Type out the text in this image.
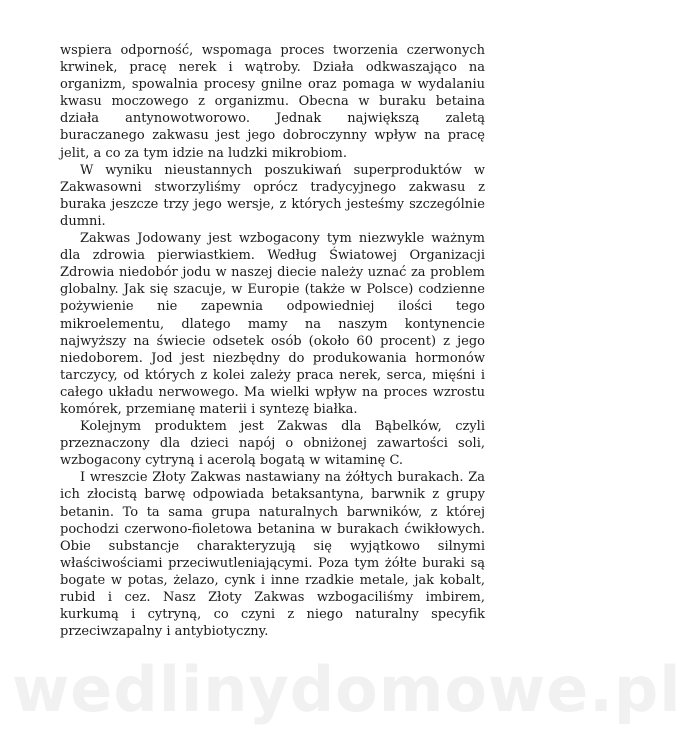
wspiera odporność, wspomaga proces tworzenia czerwonych krwinek, pracę nerek i wątroby. Działa odkwaszająco na organizm, spowalnia procesy gnilne oraz pomaga w wydalaniu kwasu moczowego z organizmu. Obecna w buraku betaina działa antynowotworowo. Jednak największą zaletą buraczanego zakwasu jest jego dobroczynny wpływ na pracę jelit, a co za tym idzie na ludzki mikrobiom.

W wyniku nieustannych poszukiwań superproduktów w Zakwasowni stworzyliśmy oprócz tradycyjnego zakwasu z buraka jeszcze trzy jego wersje, z których jesteśmy szczególnie dumni.

Zakwas Jodowany jest wzbogacony tym niezwykle ważnym dla zdrowia pierwiastkiem. Według Światowej Organizacji Zdrowia niedobór jodu w naszej diecie należy uznać za problem globalny. Jak się szacuje, w Europie (także w Polsce) codzienne pożywienie nie zapewnia odpowiedniej ilości tego mikroelementu, dlatego mamy na naszym kontynencie najwyższy na świecie odsetek osób (około 60 procent) z jego niedoborem. Jod jest niezbędny do produkowania hormonów tarczycy, od których z kolei zależy praca nerek, serca, mięśni i całego układu nerwowego. Ma wielki wpływ na proces wzrostu komórek, przemianę materii i syntezę białka.

Kolejnym produktem jest Zakwas dla Bąbelków, czyli przeznaczony dla dzieci napój o obniżonej zawartości soli, wzbogacony cytryną i acerolą bogatą w witaminę C.

I wreszcie Złoty Zakwas nastawiany na żółtych burakach. Za ich złocistą barwę odpowiada betaksantyna, barwnik z grupy betanin. To ta sama grupa naturalnych barwników, z której pochodzi czerwono-fioletowa betanina w burakach ćwikłowych. Obie substancje charakteryzują się wyjątkowo silnymi właściwościami przeciwutleniającymi. Poza tym żółte buraki są bogate w potas, żelazo, cynk i inne rzadkie metale, jak kobalt, rubid i cez. Nasz Złoty Zakwas wzbogaciliśmy imbirem, kurkumą i cytryną, co czyni z niego naturalny specyfik przeciwzapalny i antybiotyczny.

wedlinydomowe.pl
